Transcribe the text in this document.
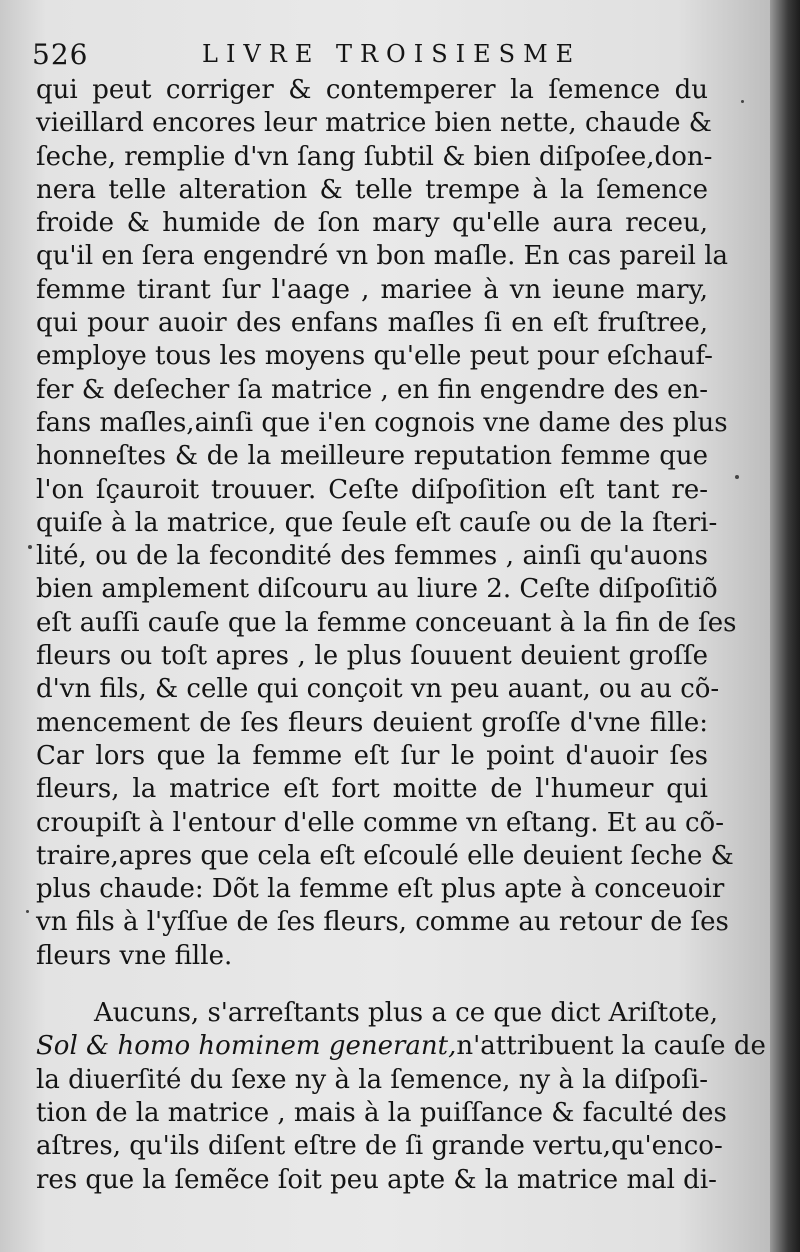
526	LIVRE TROISIESME
qui peut corriger & contemperer la ſemence du
vieillard encores leur matrice bien nette, chaude &
ſeche, remplie d'vn ſang ſubtil & bien diſpoſee,don-
nera telle alteration & telle trempe à la ſemence
froide & humide de ſon mary qu'elle aura receu,
qu'il en ſera engendré vn bon maſle. En cas pareil la
femme tirant ſur l'aage , mariee à vn ieune mary,
qui pour auoir des enfans maſles ſi en eſt fruſtree,
employe tous les moyens qu'elle peut pour eſchauf-
fer & deſecher ſa matrice , en fin engendre des en-
fans maſles,ainſi que i'en cognois vne dame des plus
honneſtes & de la meilleure reputation femme que
l'on ſçauroit trouuer. Ceſte diſpoſition eſt tant re-
quiſe à la matrice, que ſeule eſt cauſe ou de la ſteri-
lité, ou de la fecondité des femmes , ainſi qu'auons
bien amplement diſcouru au liure 2. Ceſte diſpoſitiõ
eſt auſſi cauſe que la femme conceuant à la fin de ſes
fleurs ou toſt apres , le plus ſouuent deuient groſſe
d'vn fils, & celle qui conçoit vn peu auant, ou au cõ-
mencement de ſes fleurs deuient groſſe d'vne fille:
Car lors que la femme eſt ſur le point d'auoir ſes
fleurs, la matrice eſt fort moitte de l'humeur qui
croupiſt à l'entour d'elle comme vn eſtang. Et au cõ-
traire,apres que cela eſt eſcoulé elle deuient ſeche &
plus chaude: Dõt la femme eſt plus apte à conceuoir
vn fils à l'yſſue de ſes fleurs, comme au retour de ſes
fleurs vne fille.
Aucuns, s'arreſtants plus a ce que dict Ariſtote,
Sol & homo hominem generant,n'attribuent la cauſe de
la diuerſité du ſexe ny à la ſemence, ny à la diſpoſi-
tion de la matrice , mais à la puiſſance & faculté des
aſtres, qu'ils diſent eſtre de ſi grande vertu,qu'enco-
res que la ſemẽce ſoit peu apte & la matrice mal di-
